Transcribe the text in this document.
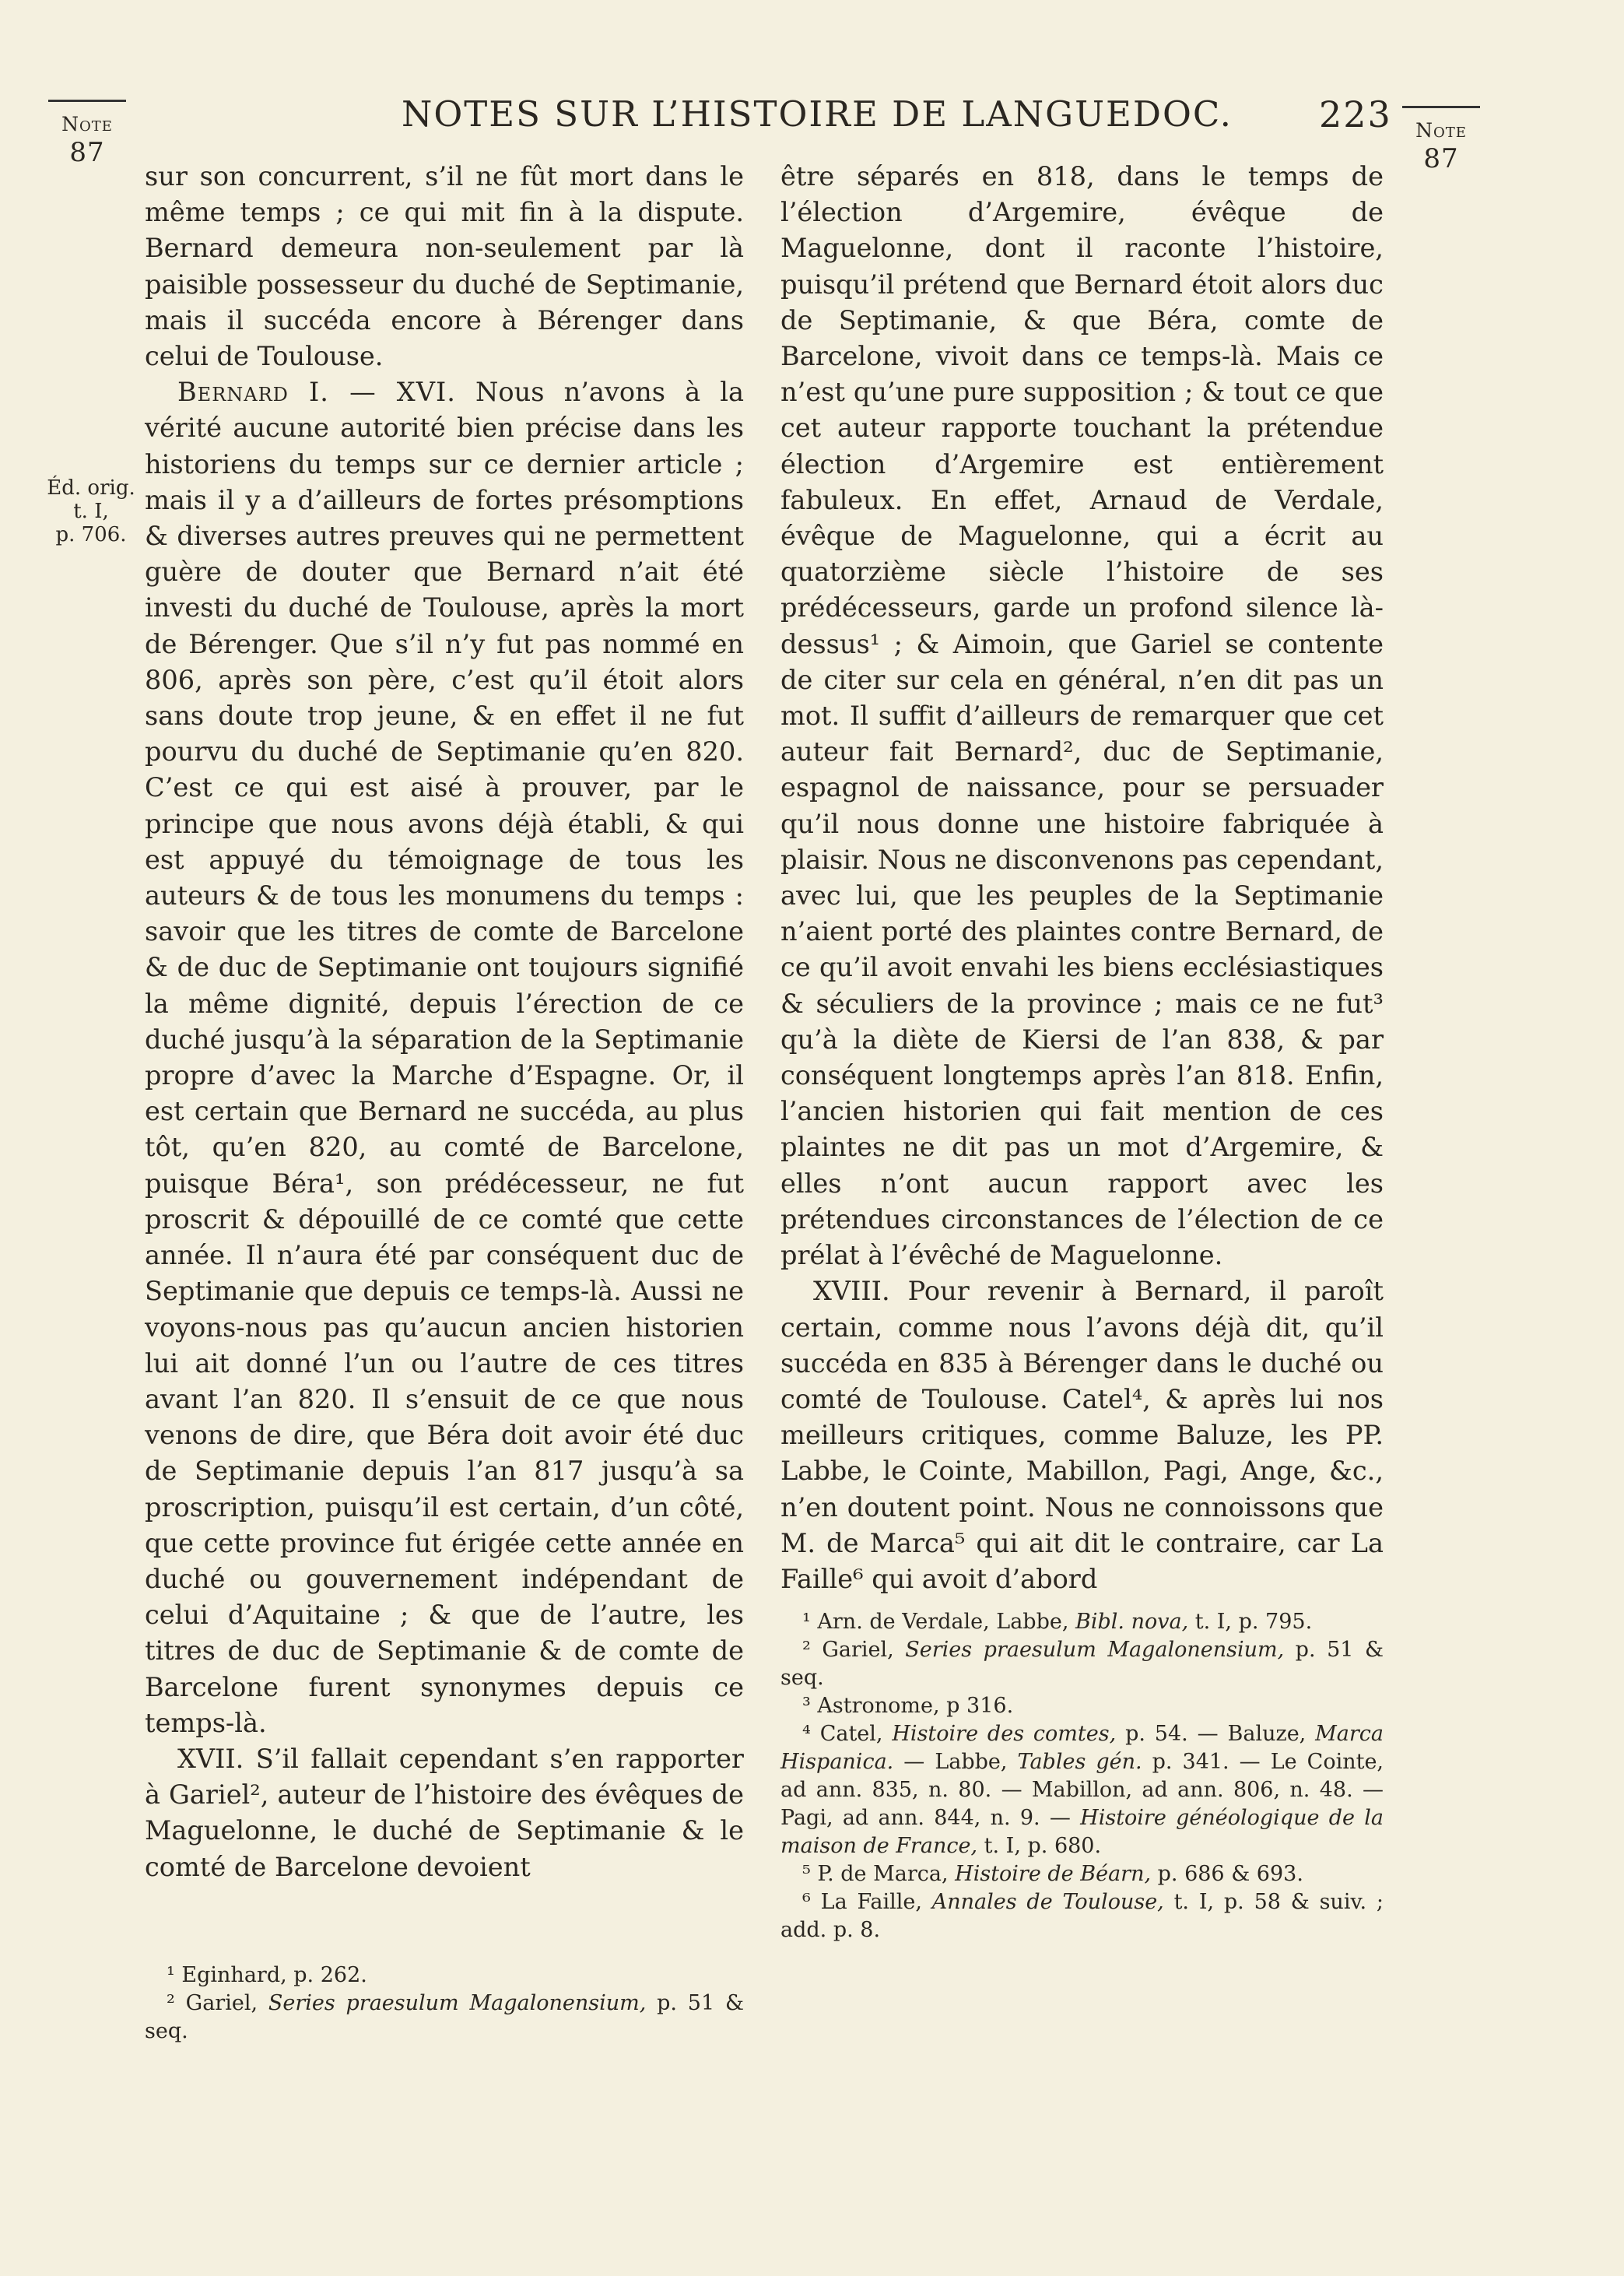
Note
87
NOTES SUR L’HISTOIRE DE LANGUEDOC.	223	Note
87
Éd. orig.
t. I,
p. 706.

sur son concurrent, s’il ne fût mort dans le même temps ; ce qui mit fin à la dispute. Bernard demeura non-seulement par là paisible possesseur du duché de Septimanie, mais il succéda encore à Bérenger dans celui de Toulouse.

Bernard I. — XVI. Nous n’avons à la vérité aucune autorité bien précise dans les historiens du temps sur ce dernier article ; mais il y a d’ailleurs de fortes présomptions & diverses autres preuves qui ne permettent guère de douter que Bernard n’ait été investi du duché de Toulouse, après la mort de Bérenger. Que s’il n’y fut pas nommé en 806, après son père, c’est qu’il étoit alors sans doute trop jeune, & en effet il ne fut pourvu du duché de Septimanie qu’en 820. C’est ce qui est aisé à prouver, par le principe que nous avons déjà établi, & qui est appuyé du témoignage de tous les auteurs & de tous les monumens du temps : savoir que les titres de comte de Barcelone & de duc de Septimanie ont toujours signifié la même dignité, depuis l’érection de ce duché jusqu’à la séparation de la Septimanie propre d’avec la Marche d’Espagne. Or, il est certain que Bernard ne succéda, au plus tôt, qu’en 820, au comté de Barcelone, puisque Béra¹, son prédécesseur, ne fut proscrit & dépouillé de ce comté que cette année. Il n’aura été par conséquent duc de Septimanie que depuis ce temps-là. Aussi ne voyons-nous pas qu’aucun ancien historien lui ait donné l’un ou l’autre de ces titres avant l’an 820. Il s’ensuit de ce que nous venons de dire, que Béra doit avoir été duc de Septimanie depuis l’an 817 jusqu’à sa proscription, puisqu’il est certain, d’un côté, que cette province fut érigée cette année en duché ou gouvernement indépendant de celui d’Aquitaine ; & que de l’autre, les titres de duc de Septimanie & de comte de Barcelone furent synonymes depuis ce temps-là.

XVII. S’il fallait cependant s’en rapporter à Gariel², auteur de l’histoire des évêques de Maguelonne, le duché de Septimanie & le comté de Barcelone devoient

être séparés en 818, dans le temps de l’élection d’Argemire, évêque de Maguelonne, dont il raconte l’histoire, puisqu’il prétend que Bernard étoit alors duc de Septimanie, & que Béra, comte de Barcelone, vivoit dans ce temps-là. Mais ce n’est qu’une pure supposition ; & tout ce que cet auteur rapporte touchant la prétendue élection d’Argemire est entièrement fabuleux. En effet, Arnaud de Verdale, évêque de Maguelonne, qui a écrit au quatorzième siècle l’histoire de ses prédécesseurs, garde un profond silence là-dessus¹ ; & Aimoin, que Gariel se contente de citer sur cela en général, n’en dit pas un mot. Il suffit d’ailleurs de remarquer que cet auteur fait Bernard², duc de Septimanie, espagnol de naissance, pour se persuader qu’il nous donne une histoire fabriquée à plaisir. Nous ne disconvenons pas cependant, avec lui, que les peuples de la Septimanie n’aient porté des plaintes contre Bernard, de ce qu’il avoit envahi les biens ecclésiastiques & séculiers de la province ; mais ce ne fut³ qu’à la diète de Kiersi de l’an 838, & par conséquent longtemps après l’an 818. Enfin, l’ancien historien qui fait mention de ces plaintes ne dit pas un mot d’Argemire, & elles n’ont aucun rapport avec les prétendues circonstances de l’élection de ce prélat à l’évêché de Maguelonne.

XVIII. Pour revenir à Bernard, il paroît certain, comme nous l’avons déjà dit, qu’il succéda en 835 à Bérenger dans le duché ou comté de Toulouse. Catel⁴, & après lui nos meilleurs critiques, comme Baluze, les PP. Labbe, le Cointe, Mabillon, Pagi, Ange, &c., n’en doutent point. Nous ne connoissons que M. de Marca⁵ qui ait dit le contraire, car La Faille⁶ qui avoit d’abord

¹ Eginhard, p. 262.

² Gariel, Series praesulum Magalonensium, p. 51 & seq.

¹ Arn. de Verdale, Labbe, Bibl. nova, t. I, p. 795.

² Gariel, Series praesulum Magalonensium, p. 51 & seq.

³ Astronome, p 316.

⁴ Catel, Histoire des comtes, p. 54. — Baluze, Marca Hispanica. — Labbe, Tables gén. p. 341. — Le Cointe, ad ann. 835, n. 80. — Mabillon, ad ann. 806, n. 48. — Pagi, ad ann. 844, n. 9. — Histoire généologique de la maison de France, t. I, p. 680.

⁵ P. de Marca, Histoire de Béarn, p. 686 & 693.

⁶ La Faille, Annales de Toulouse, t. I, p. 58 & suiv. ; add. p. 8.
